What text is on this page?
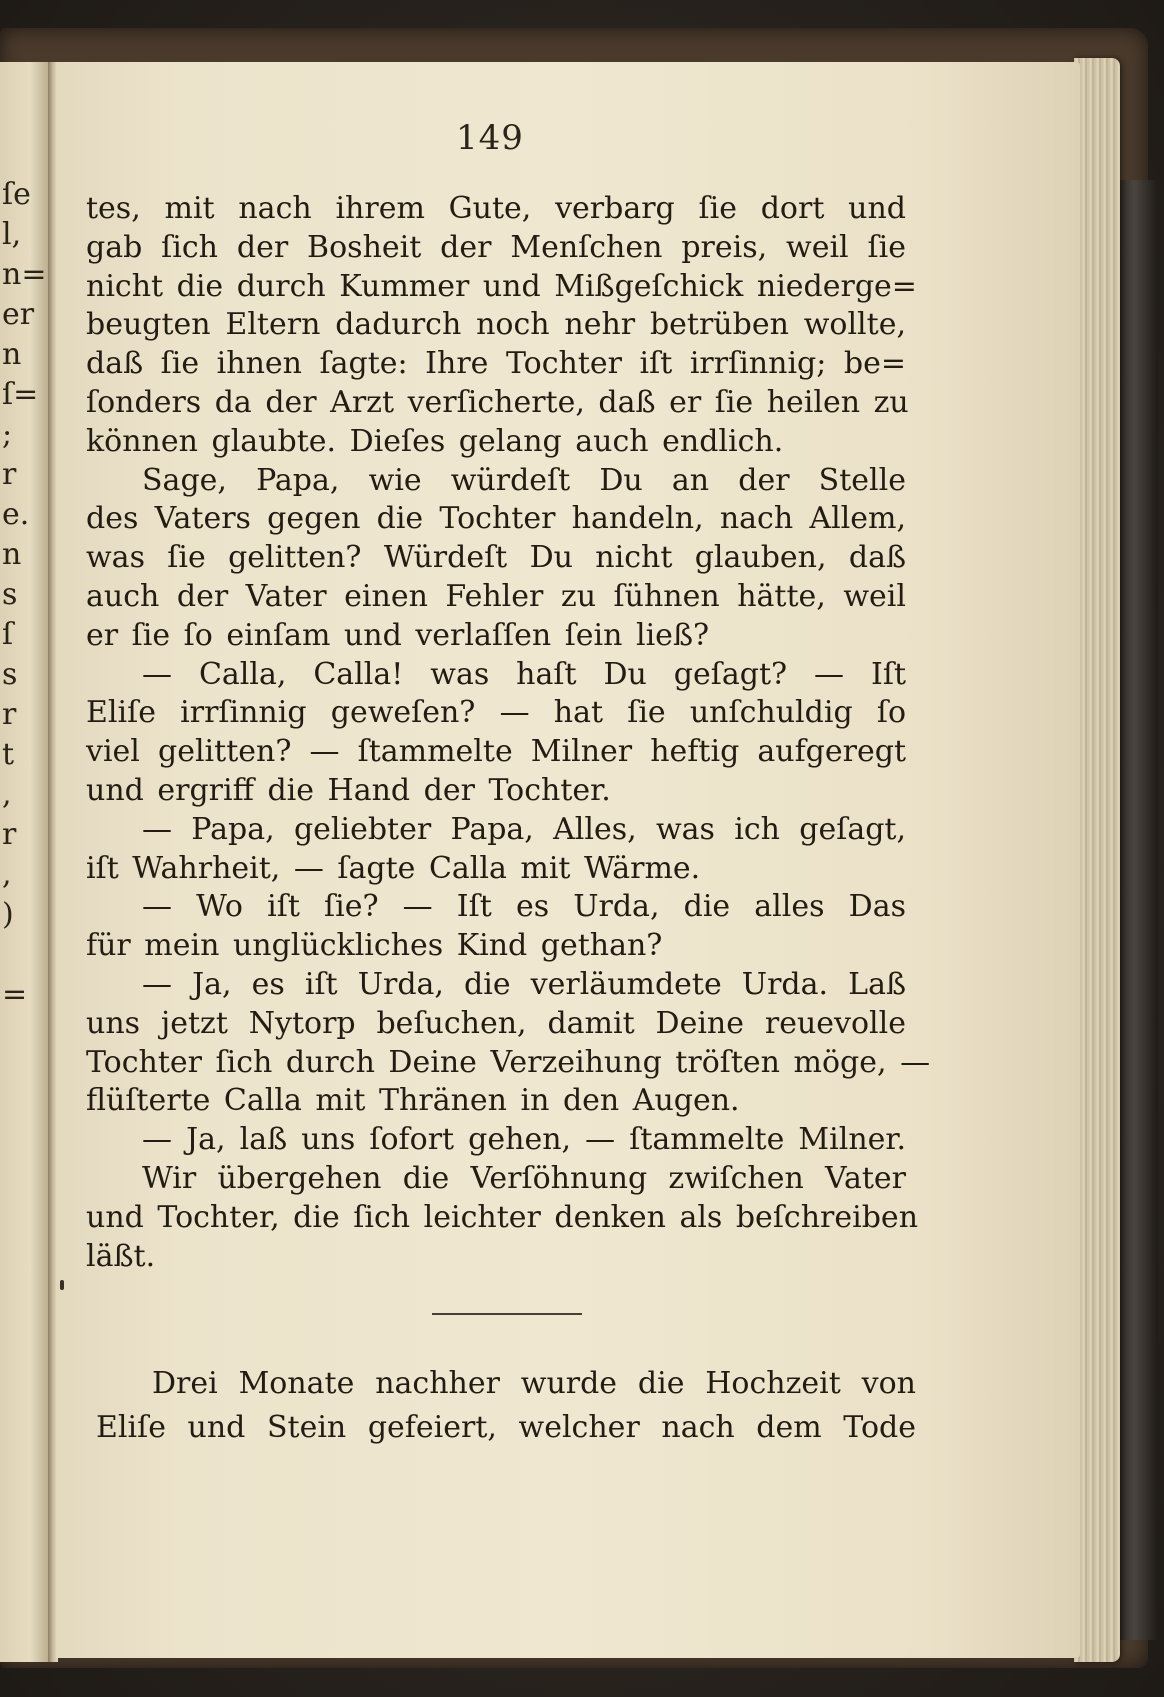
ſe
l,
n=
er
n
ſ=
;
r
e.
n
s
ſ
s
r
t
,
r
,
)
=
149
tes, mit nach ihrem Gute, verbarg ſie dort und
gab ſich der Bosheit der Menſchen preis, weil ſie
nicht die durch Kummer und Mißgeſchick niederge=
beugten Eltern dadurch noch nehr betrüben wollte,
daß ſie ihnen ſagte: Ihre Tochter iſt irrſinnig; be=
ſonders da der Arzt verſicherte, daß er ſie heilen zu
können glaubte. Dieſes gelang auch endlich.
Sage, Papa, wie würdeſt Du an der Stelle
des Vaters gegen die Tochter handeln, nach Allem,
was ſie gelitten? Würdeſt Du nicht glauben, daß
auch der Vater einen Fehler zu ſühnen hätte, weil
er ſie ſo einſam und verlaſſen ſein ließ?
— Calla, Calla! was haſt Du geſagt? — Iſt
Eliſe irrſinnig geweſen? — hat ſie unſchuldig ſo
viel gelitten? — ſtammelte Milner heftig aufgeregt
und ergriff die Hand der Tochter.
— Papa, geliebter Papa, Alles, was ich geſagt,
iſt Wahrheit, — ſagte Calla mit Wärme.
— Wo iſt ſie? — Iſt es Urda, die alles Das
für mein unglückliches Kind gethan?
— Ja, es iſt Urda, die verläumdete Urda. Laß
uns jetzt Nytorp beſuchen, damit Deine reuevolle
Tochter ſich durch Deine Verzeihung tröſten möge, —
flüſterte Calla mit Thränen in den Augen.
— Ja, laß uns ſofort gehen, — ſtammelte Milner.
Wir übergehen die Verſöhnung zwiſchen Vater
und Tochter, die ſich leichter denken als beſchreiben
läßt.
Drei Monate nachher wurde die Hochzeit von
Eliſe und Stein gefeiert, welcher nach dem Tode
